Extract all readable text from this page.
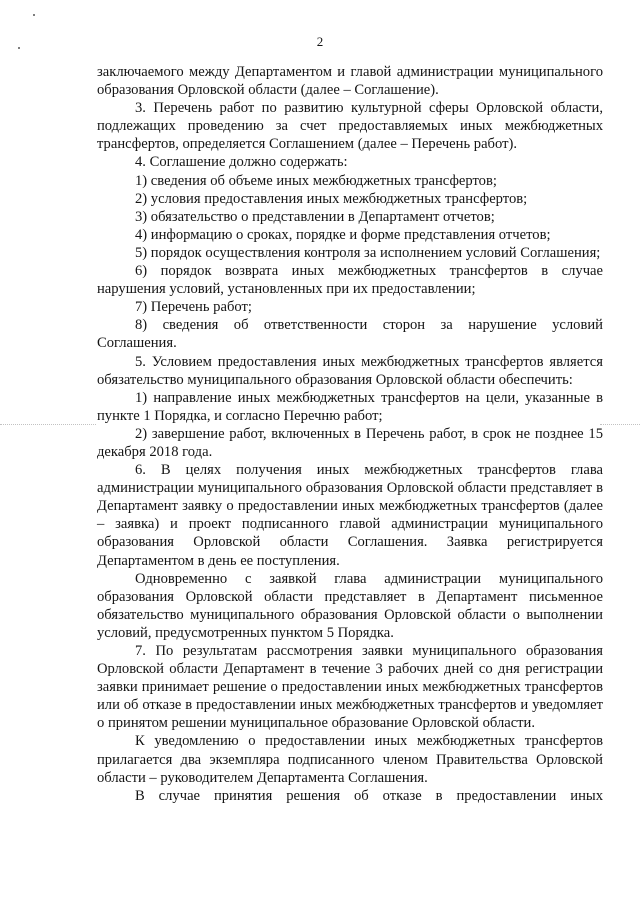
2

заключаемого между Департаментом и главой администрации муниципального образования Орловской области (далее – Соглашение).

3. Перечень работ по развитию культурной сферы Орловской области, подлежащих проведению за счет предоставляемых иных межбюджетных трансфертов, определяется Соглашением (далее – Перечень работ).

4. Соглашение должно содержать:

1) сведения об объеме иных межбюджетных трансфертов;

2) условия предоставления иных межбюджетных трансфертов;

3) обязательство о представлении в Департамент отчетов;

4) информацию о сроках, порядке и форме представления отчетов;

5) порядок осуществления контроля за исполнением условий Соглашения;

6) порядок возврата иных межбюджетных трансфертов в случае нарушения условий, установленных при их предоставлении;

7) Перечень работ;

8) сведения об ответственности сторон за нарушение условий Соглашения.

5. Условием предоставления иных межбюджетных трансфертов является обязательство муниципального образования Орловской области обеспечить:

1) направление иных межбюджетных трансфертов на цели, указанные в пункте 1 Порядка, и согласно Перечню работ;

2) завершение работ, включенных в Перечень работ, в срок не позднее 15 декабря 2018 года.

6. В целях получения иных межбюджетных трансфертов глава администрации муниципального образования Орловской области представляет в Департамент заявку о предоставлении иных межбюджетных трансфертов (далее – заявка) и проект подписанного главой администрации муниципального образования Орловской области Соглашения. Заявка регистрируется Департаментом в день ее поступления.

Одновременно с заявкой глава администрации муниципального образования Орловской области представляет в Департамент письменное обязательство муниципального образования Орловской области о выполнении условий, предусмотренных пунктом 5 Порядка.

7. По результатам рассмотрения заявки муниципального образования Орловской области Департамент в течение 3 рабочих дней со дня регистрации заявки принимает решение о предоставлении иных межбюджетных трансфертов или об отказе в предоставлении иных межбюджетных трансфертов и уведомляет о принятом решении муниципальное образование Орловской области.

К уведомлению о предоставлении иных межбюджетных трансфертов прилагается два экземпляра подписанного членом Правительства Орловской области – руководителем Департамента Соглашения.

В случае принятия решения об отказе в предоставлении иных
